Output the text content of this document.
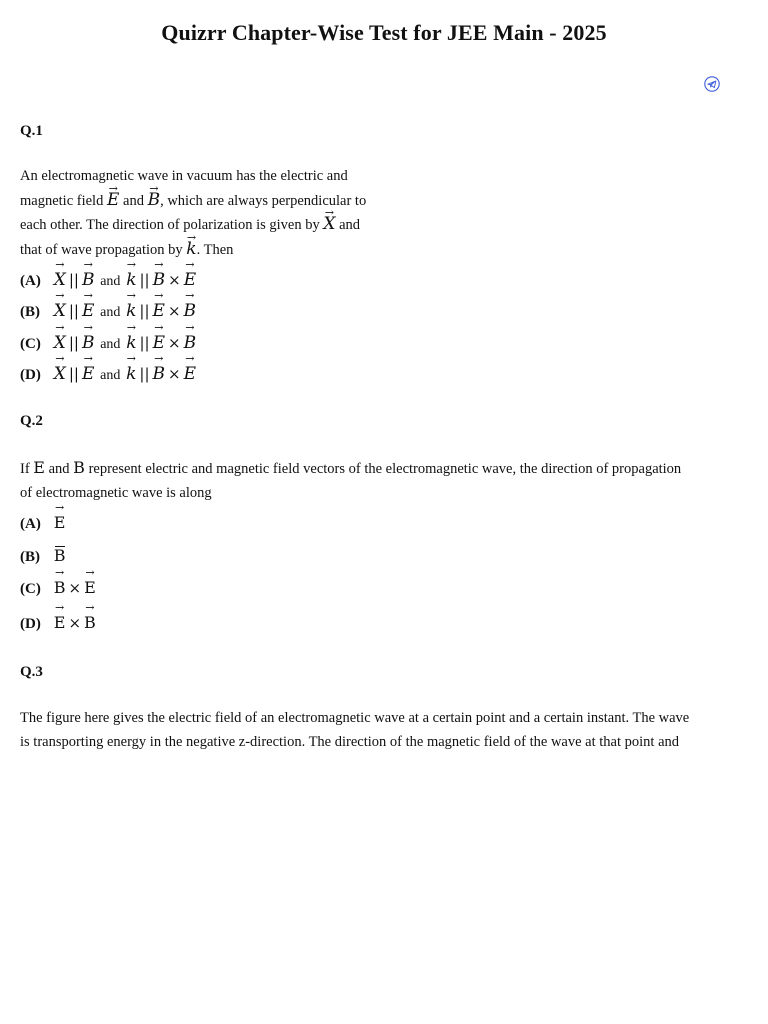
Quizrr Chapter-Wise Test for JEE Main - 2025
Q.1
An electromagnetic wave in vacuum has the electric and
magnetic field → E and → B, which are always perpendicular to
each other. The direction of polarization is given by → X and
that of wave propagation by → k. Then
(A) → X || → B and → k || → B × → E
(B) → X || → E and → k || → E × → B
(C) → X || → B and → k || → E × → B
(D) → X || → E and → k || → B × → E
Q.2
If E and B represent electric and magnetic field vectors of the electromagnetic wave, the direction of propagation
of electromagnetic wave is along
(A) → E
(B) B
(C) → B × → E
(D) → E × → B
Q.3
The figure here gives the electric field of an electromagnetic wave at a certain point and a certain instant. The wave
is transporting energy in the negative z-direction. The direction of the magnetic field of the wave at that point and
